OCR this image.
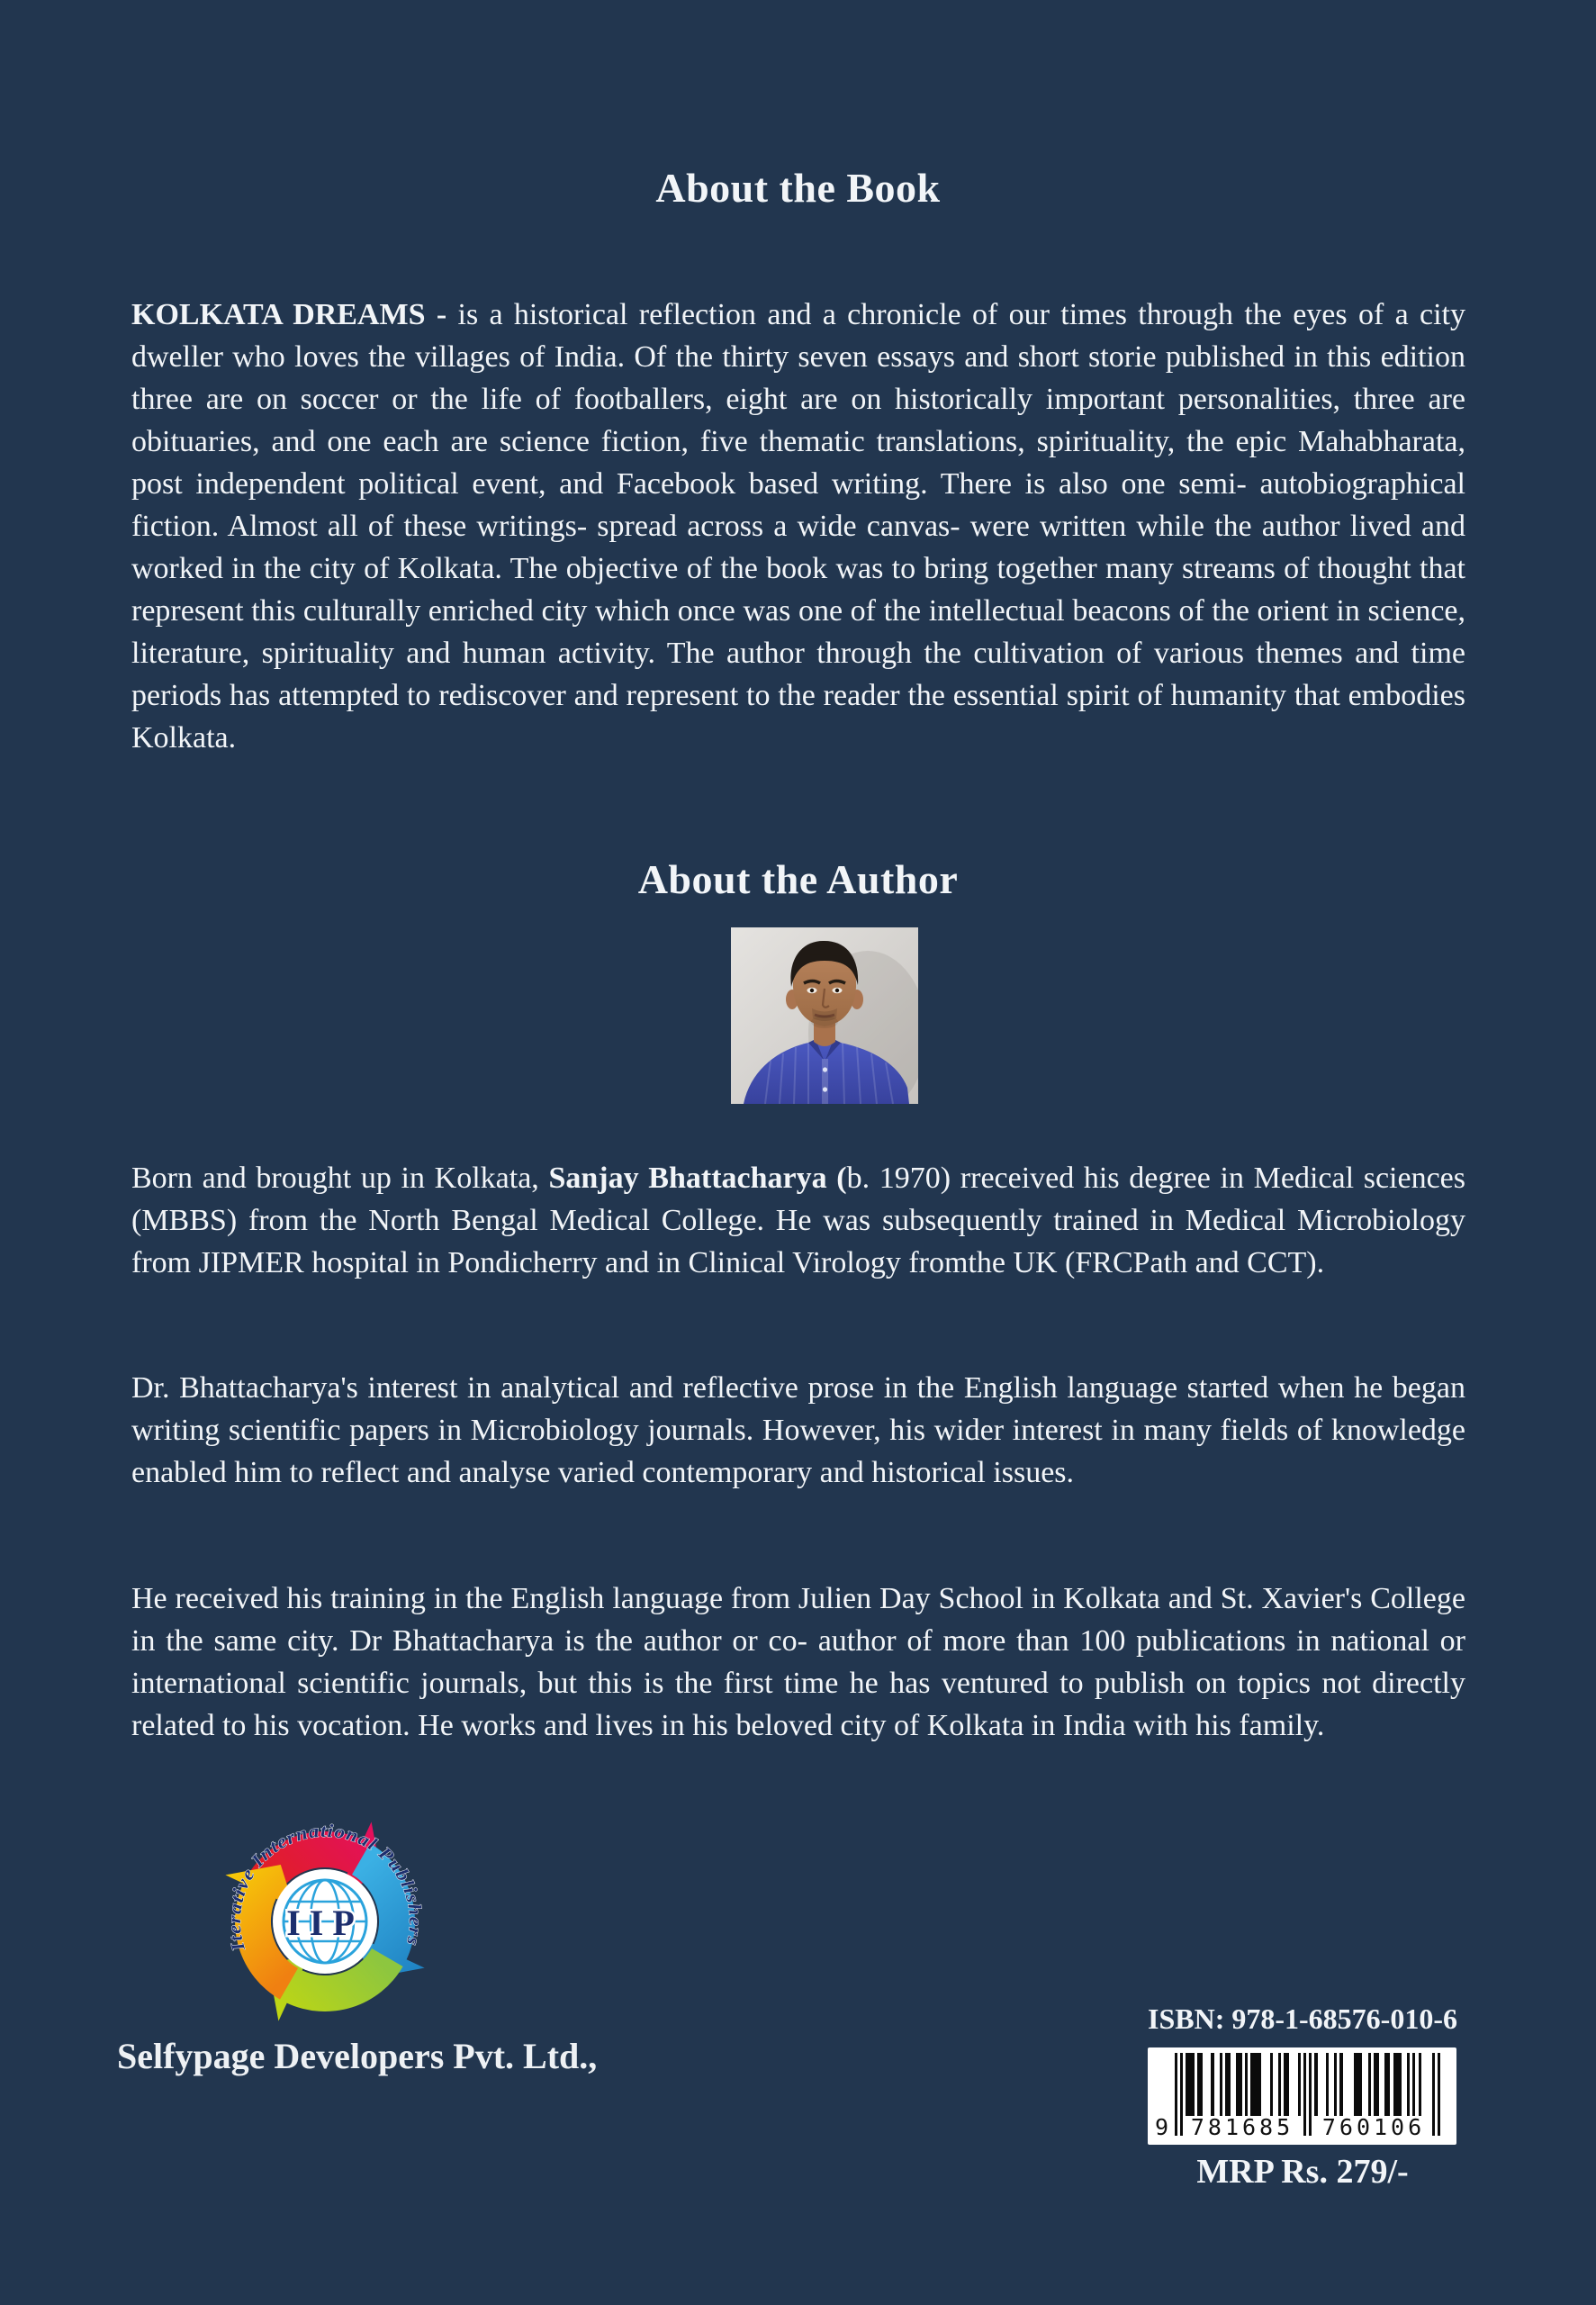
About the Book

KOLKATA DREAMS - is a historical reflection and a chronicle of our times through the eyes of a city dweller who loves the villages of India. Of the thirty seven essays and short storie published in this edition three are on soccer or the life of footballers, eight are on historically important personalities, three are obituaries, and one each are science fiction, five thematic translations, spirituality, the epic Mahabharata, post independent political event, and Facebook based writing. There is also one semi- autobiographical fiction. Almost all of these writings- spread across a wide canvas- were written while the author lived and worked in the city of Kolkata. The objective of the book was to bring together many streams of thought that represent this culturally enriched city which once was one of the intellectual beacons of the orient in science, literature, spirituality and human activity. The author through the cultivation of various themes and time periods has attempted to rediscover and represent to the reader the essential spirit of humanity that embodies Kolkata.

About the Author

Born and brought up in Kolkata, Sanjay Bhattacharya (b. 1970) rreceived his degree in Medical sciences (MBBS) from the North Bengal Medical College. He was subsequently trained in Medical Microbiology from JIPMER hospital in Pondicherry and in Clinical Virology fromthe UK (FRCPath and CCT).

Dr. Bhattacharya's interest in analytical and reflective prose in the English language started when he began writing scientific papers in Microbiology journals. However, his wider interest in many fields of knowledge enabled him to reflect and analyse varied contemporary and historical issues.

He received his training in the English language from Julien Day School in Kolkata and St. Xavier's College in the same city. Dr Bhattacharya is the author or co- author of more than 100 publications in national or international scientific journals, but this is the first time he has ventured to publish on topics not directly related to his vocation. He works and lives in his beloved city of Kolkata in India with his family.

IIP
Iterative International Publishers

Selfypage Developers Pvt. Ltd.,

ISBN: 978-1-68576-010-6
9 781685 760106
MRP Rs. 279/-
